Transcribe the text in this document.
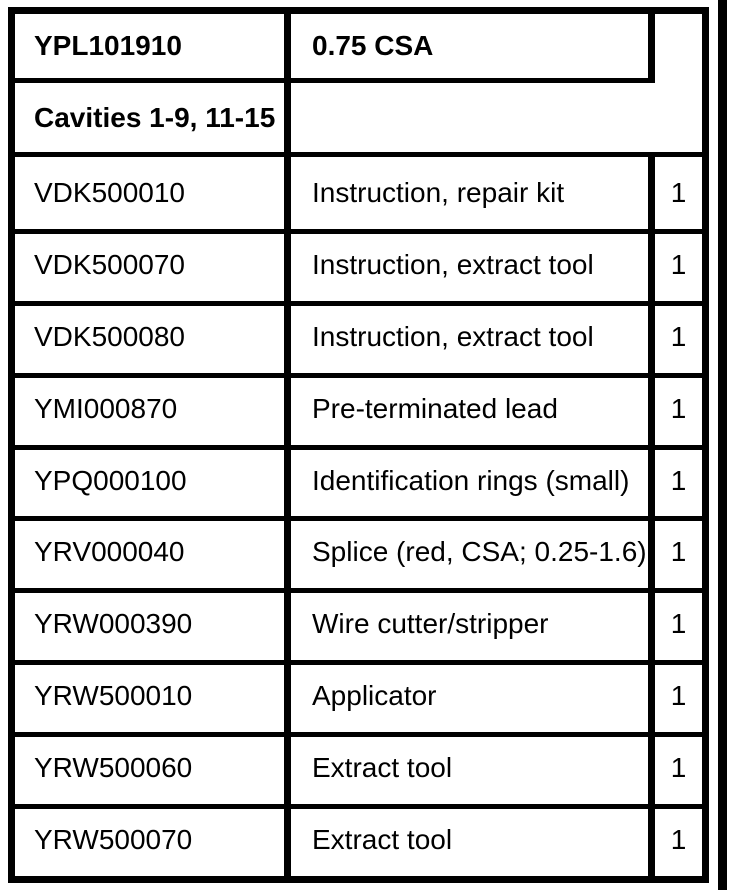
YPL101910	0.75 CSA
Cavities 1-9, 11-15
VDK500010	Instruction, repair kit	1
VDK500070	Instruction, extract tool	1
VDK500080	Instruction, extract tool	1
YMI000870	Pre-terminated lead	1
YPQ000100	Identification rings (small)	1
YRV000040	Splice (red, CSA; 0.25-1.6) 1
YRW000390	Wire cutter/stripper	1
YRW500010	Applicator	1
YRW500060	Extract tool	1
YRW500070	Extract tool	1
